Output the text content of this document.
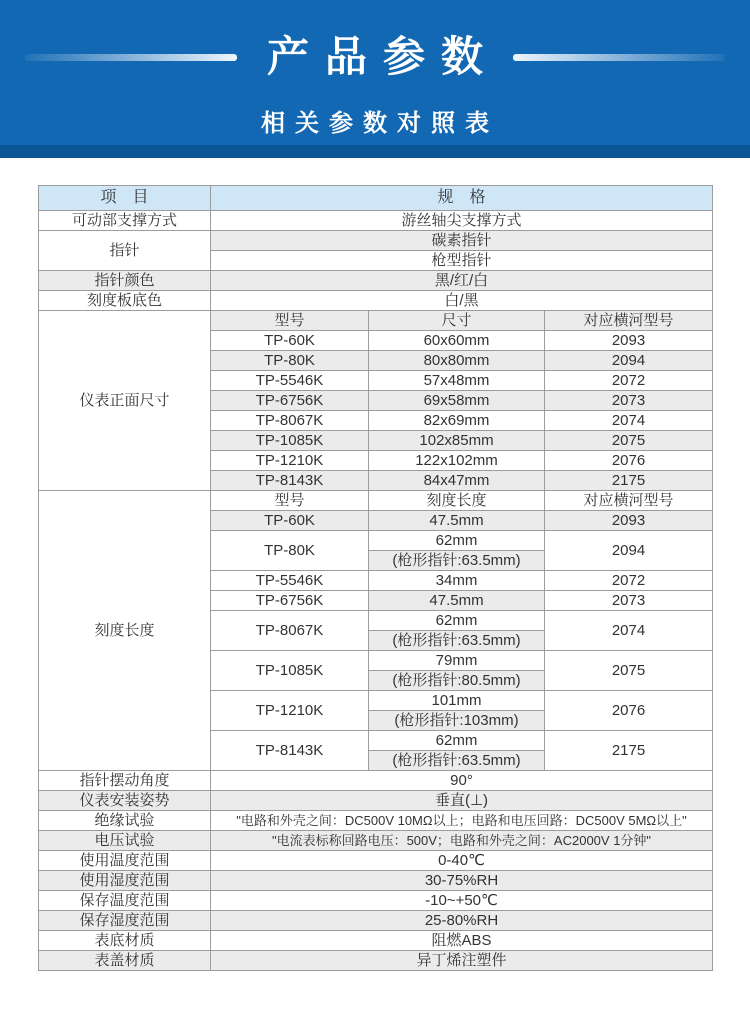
产品参数
相关参数对照表
项　目	规　格		
可动部支撑方式	游丝轴尖支撑方式		
指针	碳素指针		
	枪型指针		
指针颜色	黑/红/白		
刻度板底色	白/黑		
仪表正面尺寸	型号	尺寸	对应横河型号
	TP-60K	60x60mm	2093
	TP-80K	80x80mm	2094
	TP-5546K	57x48mm	2072
	TP-6756K	69x58mm	2073
	TP-8067K	82x69mm	2074
	TP-1085K	102x85mm	2075
	TP-1210K	122x102mm	2076
	TP-8143K	84x47mm	2175
刻度长度	型号	刻度长度	对应横河型号
	TP-60K	47.5mm	2093
	TP-80K	62mm	2094
		(枪形指针:63.5mm)	
	TP-5546K	34mm	2072
	TP-6756K	47.5mm	2073
	TP-8067K	62mm	2074
		(枪形指针:63.5mm)	
	TP-1085K	79mm	2075
		(枪形指针:80.5mm)	
	TP-1210K	101mm	2076
		(枪形指针:103mm)	
	TP-8143K	62mm	2175
		(枪形指针:63.5mm)	
指针摆动角度	90°		
仪表安装姿势	垂直(⊥)		
绝缘试验	"电路和外壳之间：DC500V 10MΩ以上；电路和电压回路：DC500V 5MΩ以上"		
电压试验	"电流表标称回路电压：500V；电路和外壳之间：AC2000V 1分钟"		
使用温度范围	0-40℃		
使用湿度范围	30-75%RH		
保存温度范围	-10~+50℃		
保存湿度范围	25-80%RH		
表底材质	阻燃ABS		
表盖材质	异丁烯注塑件		
